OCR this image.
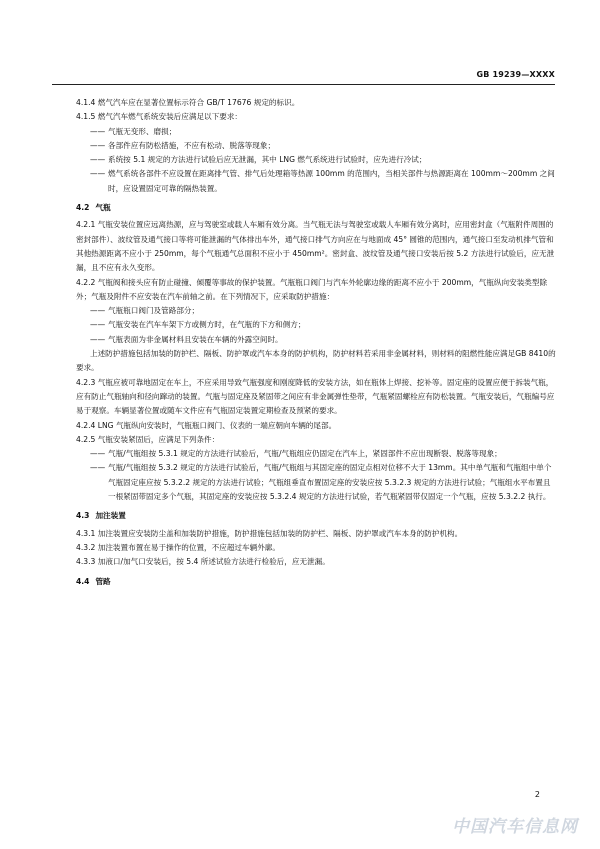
GB 19239—XXXX

4.1.4 燃气汽车应在显著位置标示符合 GB/T 17676 规定的标识。

4.1.5 燃气汽车燃气系统安装后应满足以下要求：

—— 气瓶无变形、磨损；
—— 各部件应有防松措施，不应有松动、脱落等现象；
—— 系统按 5.1 规定的方法进行试验后应无泄漏，其中 LNG 燃气系统进行试验时，应先进行冷试；
—— 燃气系统各部件不应设置在距离排气管、排气后处理箱等热源 100mm 的范围内，当相关部件与热源距离在 100mm～200mm 之间时，应设置固定可靠的隔热装置。
4.2 气瓶

4.2.1 气瓶安装位置应远离热源，应与驾驶室或载人车厢有效分离。当气瓶无法与驾驶室或载人车厢有效分离时，应用密封盒（气瓶附件周围的密封部件）、波纹管及通气接口等将可能泄漏的气体排出车外，通气接口排气方向应在与地面成 45° 圆锥的范围内，通气接口至发动机排气管和其他热源距离不应小于 250mm，每个气瓶通气总面积不应小于 450mm²。密封盒、波纹管及通气接口安装后按 5.2 方法进行试验后，应无泄漏，且不应有永久变形。

4.2.2 气瓶阀和接头应有防止碰撞、倾覆等事故的保护装置。气瓶瓶口阀门与汽车外轮廓边缘的距离不应小于 200mm，气瓶纵向安装类型除外；气瓶及附件不应安装在汽车前轴之前。在下列情况下，应采取防护措施：

—— 气瓶瓶口阀门及管路部分；
—— 气瓶安装在汽车车架下方或侧方时，在气瓶的下方和侧方；
—— 气瓶表面为非金属材料且安装在车辆的外露空间时。

上述防护措施包括加装的防护栏、隔板、防护罩或汽车本身的防护机构，防护材料若采用非金属材料，则材料的阻燃性能应满足GB 8410的要求。

4.2.3 气瓶应被可靠地固定在车上，不应采用导致气瓶强度和刚度降低的安装方法，如在瓶体上焊接、挖补等。固定座的设置应便于拆装气瓶，应有防止气瓶轴向和径向蹿动的装置。气瓶与固定座及紧固带之间应有非金属弹性垫带，气瓶紧固螺栓应有防松装置。气瓶安装后，气瓶编号应易于观察。车辆显著位置或随车文件应有气瓶固定装置定期检查及预紧的要求。

4.2.4 LNG 气瓶纵向安装时，气瓶瓶口阀门、仪表的一端应朝向车辆的尾部。

4.2.5 气瓶安装紧固后，应满足下列条件：

—— 气瓶/气瓶组按 5.3.1 规定的方法进行试验后，气瓶/气瓶组应仍固定在汽车上，紧固部件不应出现断裂、脱落等现象；
—— 气瓶/气瓶组按 5.3.2 规定的方法进行试验后，气瓶/气瓶组与其固定座的固定点相对位移不大于 13mm。其中单气瓶和气瓶组中单个气瓶固定座应按 5.3.2.2 规定的方法进行试验；气瓶组垂直布置固定座的安装应按 5.3.2.3 规定的方法进行试验；气瓶组水平布置且一根紧固带固定多个气瓶，其固定座的安装应按 5.3.2.4 规定的方法进行试验，若气瓶紧固带仅固定一个气瓶，应按 5.3.2.2 执行。
4.3 加注装置

4.3.1 加注装置应安装防尘盖和加装防护措施，防护措施包括加装的防护栏、隔板、防护罩或汽车本身的防护机构。

4.3.2 加注装置布置在易于操作的位置，不应超过车辆外廓。

4.3.3 加液口/加气口安装后，按 5.4 所述试验方法进行检验后，应无泄漏。

4.4 管路
2
中国汽车信息网
